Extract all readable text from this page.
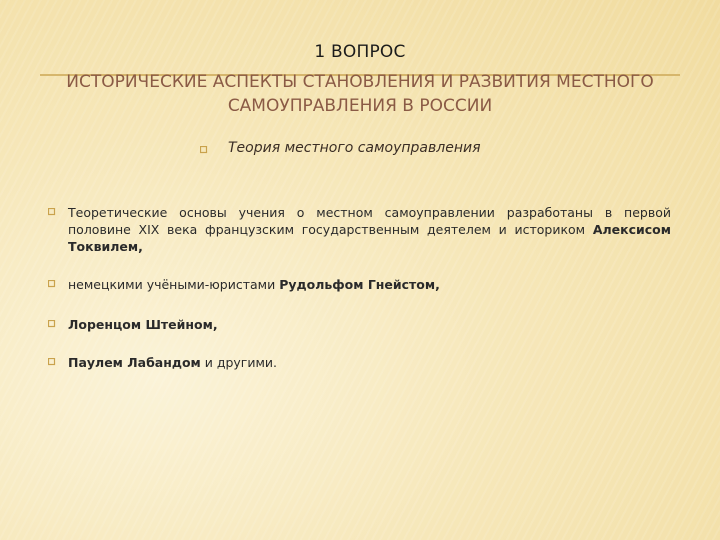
1 ВОПРОС
ИСТОРИЧЕСКИЕ АСПЕКТЫ СТАНОВЛЕНИЯ И РАЗВИТИЯ МЕСТНОГО САМОУПРАВЛЕНИЯ В РОССИИ
Теория местного самоуправления
Теоретические основы учения о местном самоуправлении разработаны в первой половине XIX века французским государственным деятелем и историком Алексисом Токвилем,
немецкими учёными-юристами Рудольфом Гнейстом,
Лоренцом Штейном,
Паулем Лабандом и другими.
